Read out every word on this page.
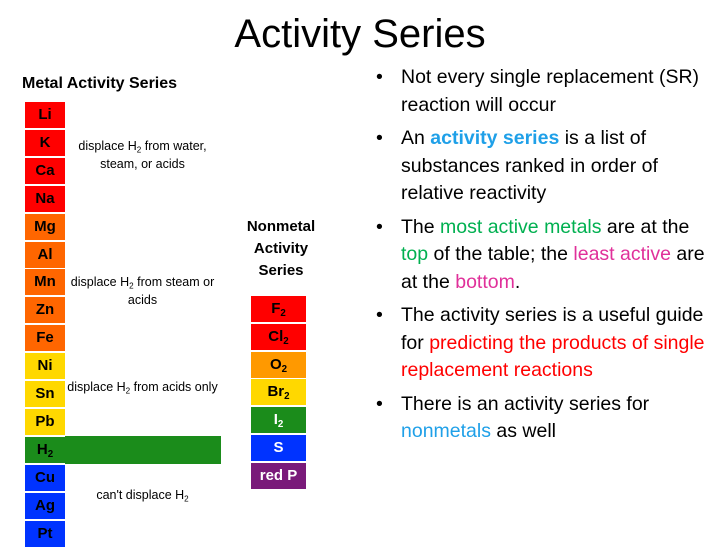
Activity Series
Metal Activity Series
Li
K
Ca
Na
Mg
Al
Mn
Zn
Fe
Ni
Sn
Pb
$H_2$
Cu
Ag
Pt
Nonmetal Activity Series
$F_2$
$Cl_2$
$O_2$
$Br_2$
$I_2$
S
red P
• Not every single replacement (SR) reaction will occur
• An activity series is a list of substances ranked in order of relative reactivity
• The most active metals are at the top of the table; the least active are at the bottom.
• The activity series is a useful guide for predicting the products of single replacement reactions
• There is an activity series for nonmetals as well
displace $H_2$ from water, steam, or acids
displace $H_2$ from steam or acids
displace $H_2$ from acids only
can't displace $H_2$
